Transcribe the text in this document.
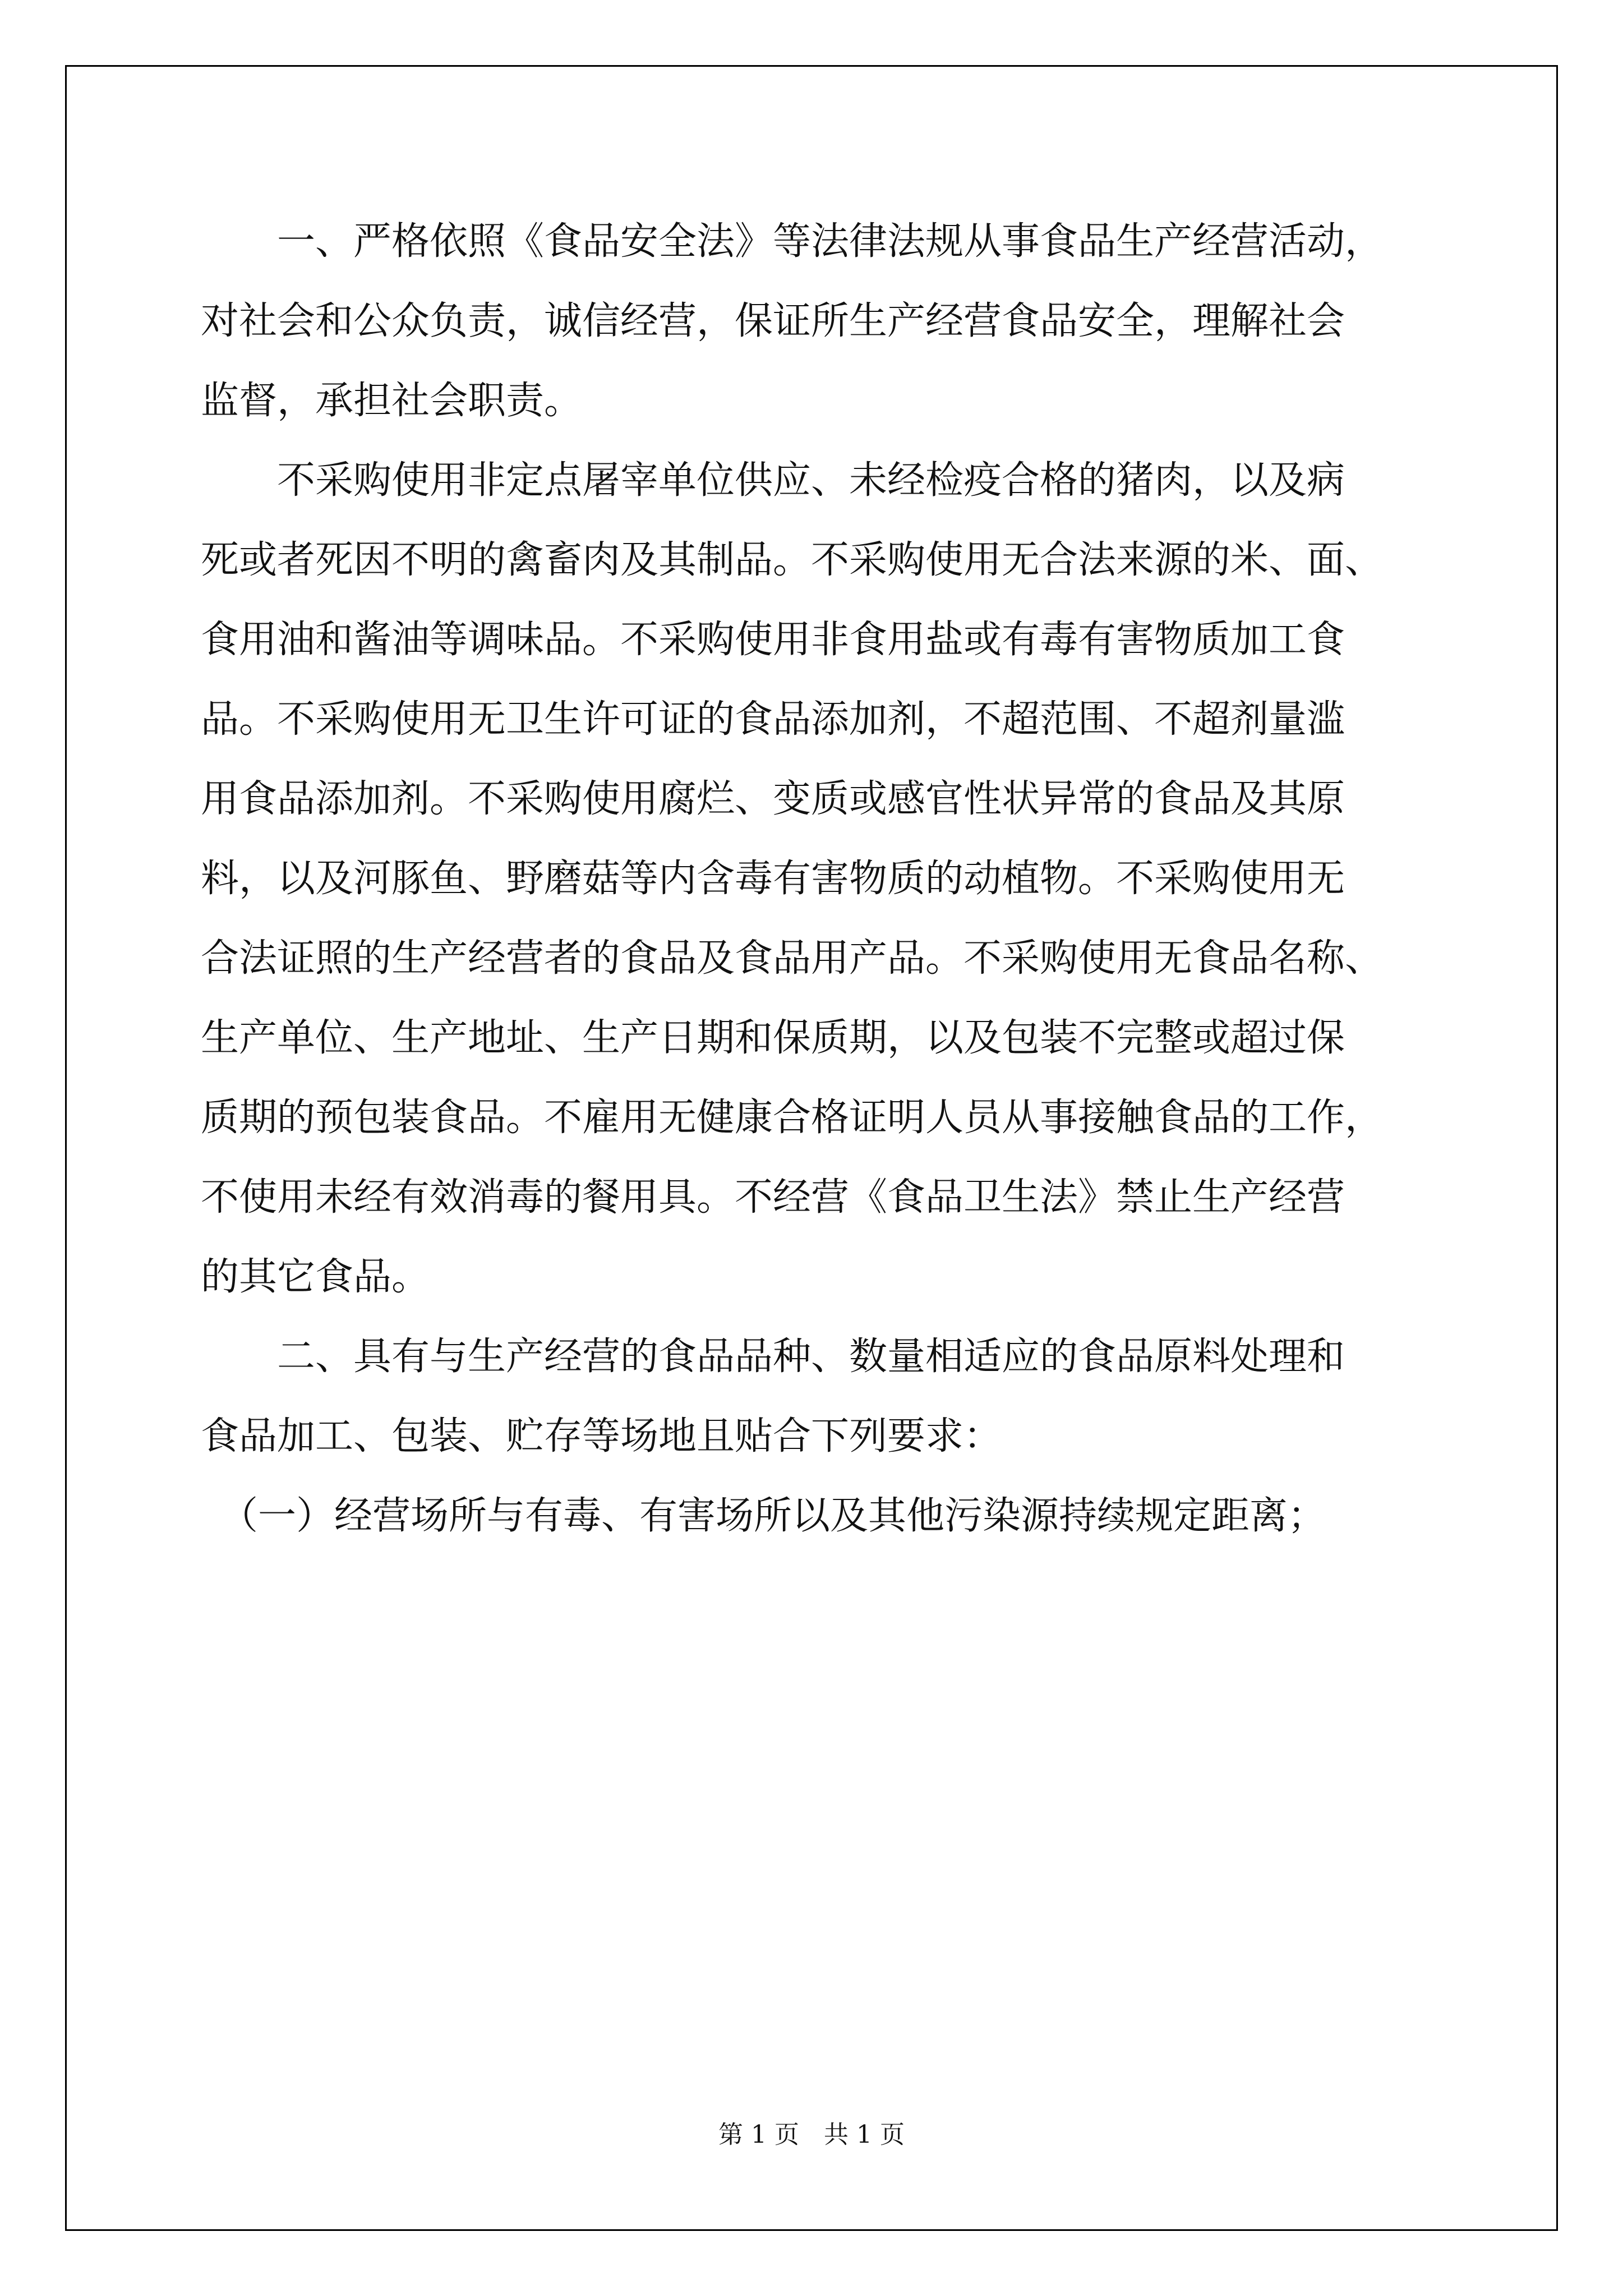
　　一、严格依照《食品安全法》等法律法规从事食品生产经营活动，
对社会和公众负责，诚信经营，保证所生产经营食品安全，理解社会
监督，承担社会职责。
　　不采购使用非定点屠宰单位供应、未经检疫合格的猪肉，以及病
死或者死因不明的禽畜肉及其制品。不采购使用无合法来源的米、面、
食用油和酱油等调味品。不采购使用非食用盐或有毒有害物质加工食
品。不采购使用无卫生许可证的食品添加剂，不超范围、不超剂量滥
用食品添加剂。不采购使用腐烂、变质或感官性状异常的食品及其原
料，以及河豚鱼、野磨菇等内含毒有害物质的动植物。不采购使用无
合法证照的生产经营者的食品及食品用产品。不采购使用无食品名称、
生产单位、生产地址、生产日期和保质期，以及包装不完整或超过保
质期的预包装食品。不雇用无健康合格证明人员从事接触食品的工作，
不使用未经有效消毒的餐用具。不经营《食品卫生法》禁止生产经营
的其它食品。
　　二、具有与生产经营的食品品种、数量相适应的食品原料处理和
食品加工、包装、贮存等场地且贴合下列要求：
　（一）经营场所与有毒、有害场所以及其他污染源持续规定距离；
第 1 页　共 1 页
